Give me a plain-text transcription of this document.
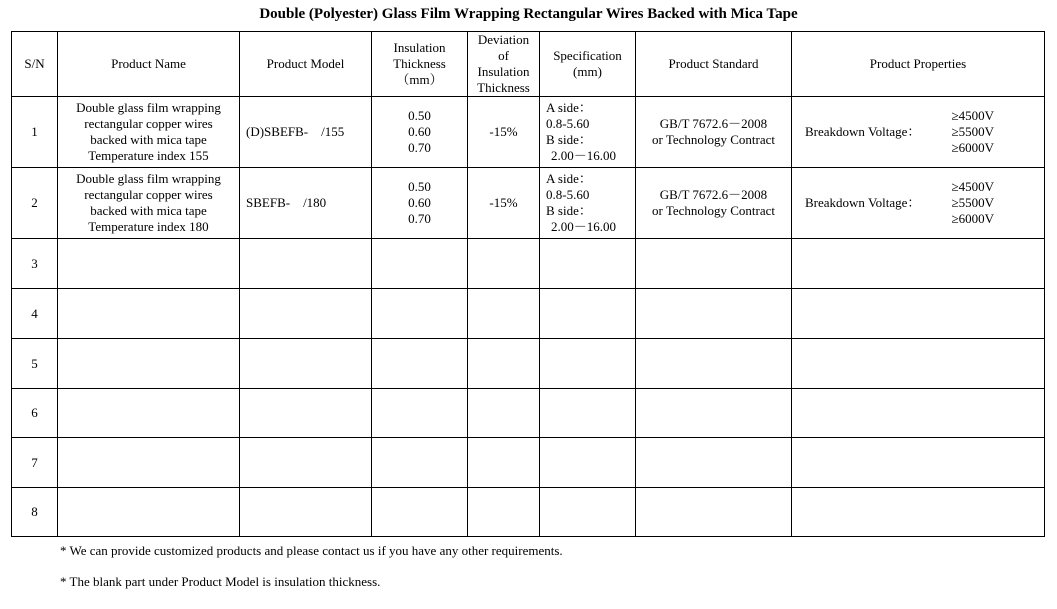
Double (Polyester) Glass Film Wrapping Rectangular Wires Backed with Mica Tape
S/N	Product Name	Product Model	Insulation
Thickness
（mm）	Deviation
of
Insulation
Thickness	Specification
(mm)	Product Standard	Product Properties
1	Double glass film wrapping
rectangular copper wires
backed with mica tape
Temperature index 155	(D)SBEFB-    /155	0.50
0.60
0.70	-15%	A side：
0.8-5.60
B side：
2.00－16.00	GB/T 7672.6－2008
or Technology Contract	Breakdown Voltage：
≥4500V
≥5500V
≥6000V

2	Double glass film wrapping
rectangular copper wires
backed with mica tape
Temperature index 180	SBEFB-    /180	0.50
0.60
0.70	-15%	A side：
0.8-5.60
B side：
2.00－16.00	GB/T 7672.6－2008
or Technology Contract	Breakdown Voltage：
≥4500V
≥5500V
≥6000V

3							
4							
5							
6							
7							
8							
* We can provide customized products and please contact us if you have any other requirements.
* The blank part under Product Model is insulation thickness.
